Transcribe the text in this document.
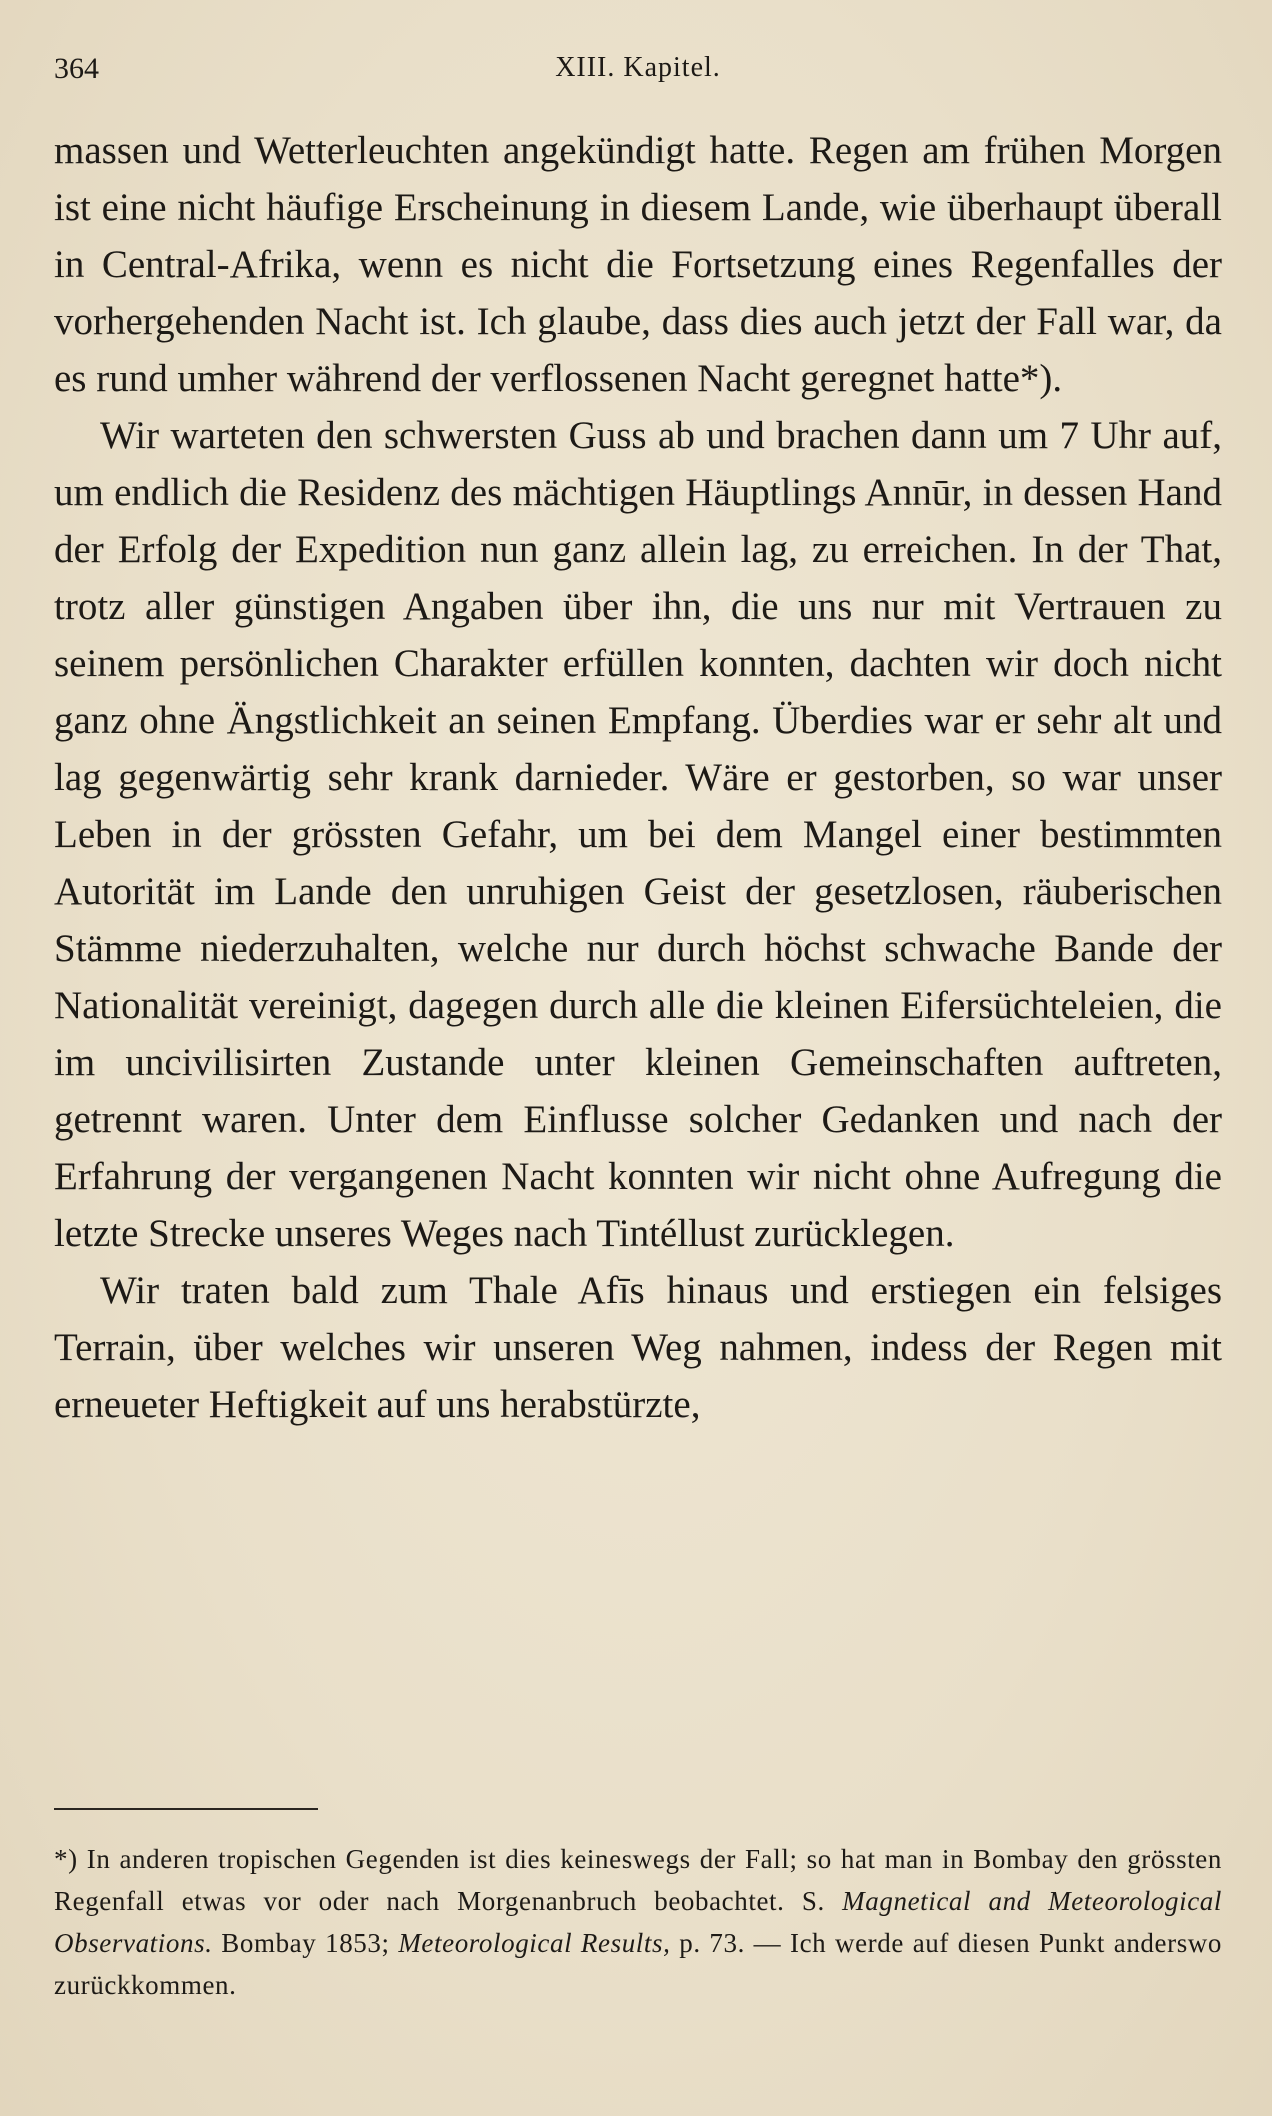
364	XIII. Kapitel.

massen und Wetterleuchten angekündigt hatte. Regen am frühen Morgen ist eine nicht häufige Erscheinung in diesem Lande, wie überhaupt überall in Central-Afrika, wenn es nicht die Fortsetzung eines Regenfalles der vorhergehenden Nacht ist. Ich glaube, dass dies auch jetzt der Fall war, da es rund umher während der verflossenen Nacht geregnet hatte*).

Wir warteten den schwersten Guss ab und brachen dann um 7 Uhr auf, um endlich die Residenz des mächtigen Häuptlings Annūr, in dessen Hand der Erfolg der Expedition nun ganz allein lag, zu erreichen. In der That, trotz aller günstigen Angaben über ihn, die uns nur mit Vertrauen zu seinem persönlichen Charakter erfüllen konnten, dachten wir doch nicht ganz ohne Ängstlichkeit an seinen Empfang. Überdies war er sehr alt und lag gegenwärtig sehr krank darnieder. Wäre er gestorben, so war unser Leben in der grössten Gefahr, um bei dem Mangel einer bestimmten Autorität im Lande den unruhigen Geist der gesetzlosen, räuberischen Stämme niederzuhalten, welche nur durch höchst schwache Bande der Nationalität vereinigt, dagegen durch alle die kleinen Eifersüchteleien, die im uncivilisirten Zustande unter kleinen Gemeinschaften auftreten, getrennt waren. Unter dem Einflusse solcher Gedanken und nach der Erfahrung der vergangenen Nacht konnten wir nicht ohne Aufregung die letzte Strecke unseres Weges nach Tintéllust zurücklegen.

Wir traten bald zum Thale Afīs hinaus und erstiegen ein felsiges Terrain, über welches wir unseren Weg nahmen, indess der Regen mit erneueter Heftigkeit auf uns herabstürzte,

*) In anderen tropischen Gegenden ist dies keineswegs der Fall; so hat man in Bombay den grössten Regenfall etwas vor oder nach Morgenanbruch beobachtet. S. Magnetical and Meteorological Observations. Bombay 1853; Meteorological Results, p. 73. — Ich werde auf diesen Punkt anderswo zurückkommen.
